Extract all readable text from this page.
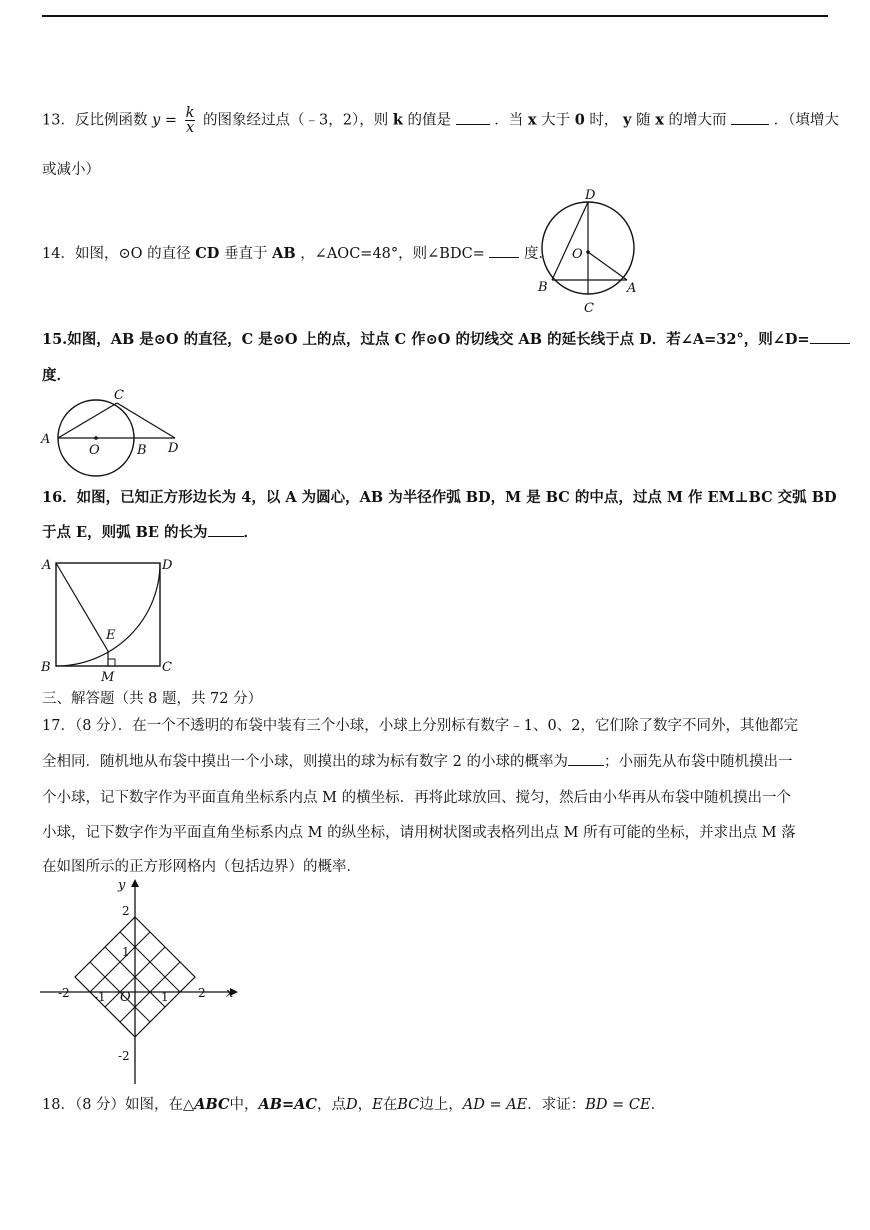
13．反比例函数 $y = \frac{k}{x}$ 的图象经过点（﹣3，2），则 k 的值是	．当 x 大于 0 时， y 随 x 的增大而	．（填增大
或减小）
14．如图，⊙O 的直径 CD 垂直于 AB ，∠AOC=48°，则∠BDC=	度．
D
O
B	A
C
15.如图，AB 是⊙O 的直径，C 是⊙O 上的点，过点 C 作⊙O 的切线交 AB 的延长线于点 D．若∠A=32°，则∠D=
度．
A
O	B D
C
16．如图，已知正方形边长为 4，以 A 为圆心，AB 为半径作弧 BD，M 是 BC 的中点，过点 M 作 EM⊥BC 交弧 BD
于点 E，则弧 BE 的长为 ．
A	D
E
B
M
C
三、解答题（共 8 题，共 72 分）
17．（8 分）．在一个不透明的布袋中装有三个小球，小球上分别标有数字﹣1、0、2，它们除了数字不同外，其他都完
全相同．随机地从布袋中摸出一个小球，则摸出的球为标有数字 2 的小球的概率为 ；小丽先从布袋中随机摸出一
个小球，记下数字作为平面直角坐标系内点 M 的横坐标．再将此球放回、搅匀，然后由小华再从布袋中随机摸出一个
小球，记下数字作为平面直角坐标系内点 M 的纵坐标，请用树状图或表格列出点 M 所有可能的坐标，并求出点 M 落
在如图所示的正方形网格内（包括边界）的概率．
y
x
2
1
-2
O
-2 -1	1 2
18．（8 分）如图，在△ABC中，AB=AC，点D，E在BC边上，AD = AE．求证：BD = CE．
